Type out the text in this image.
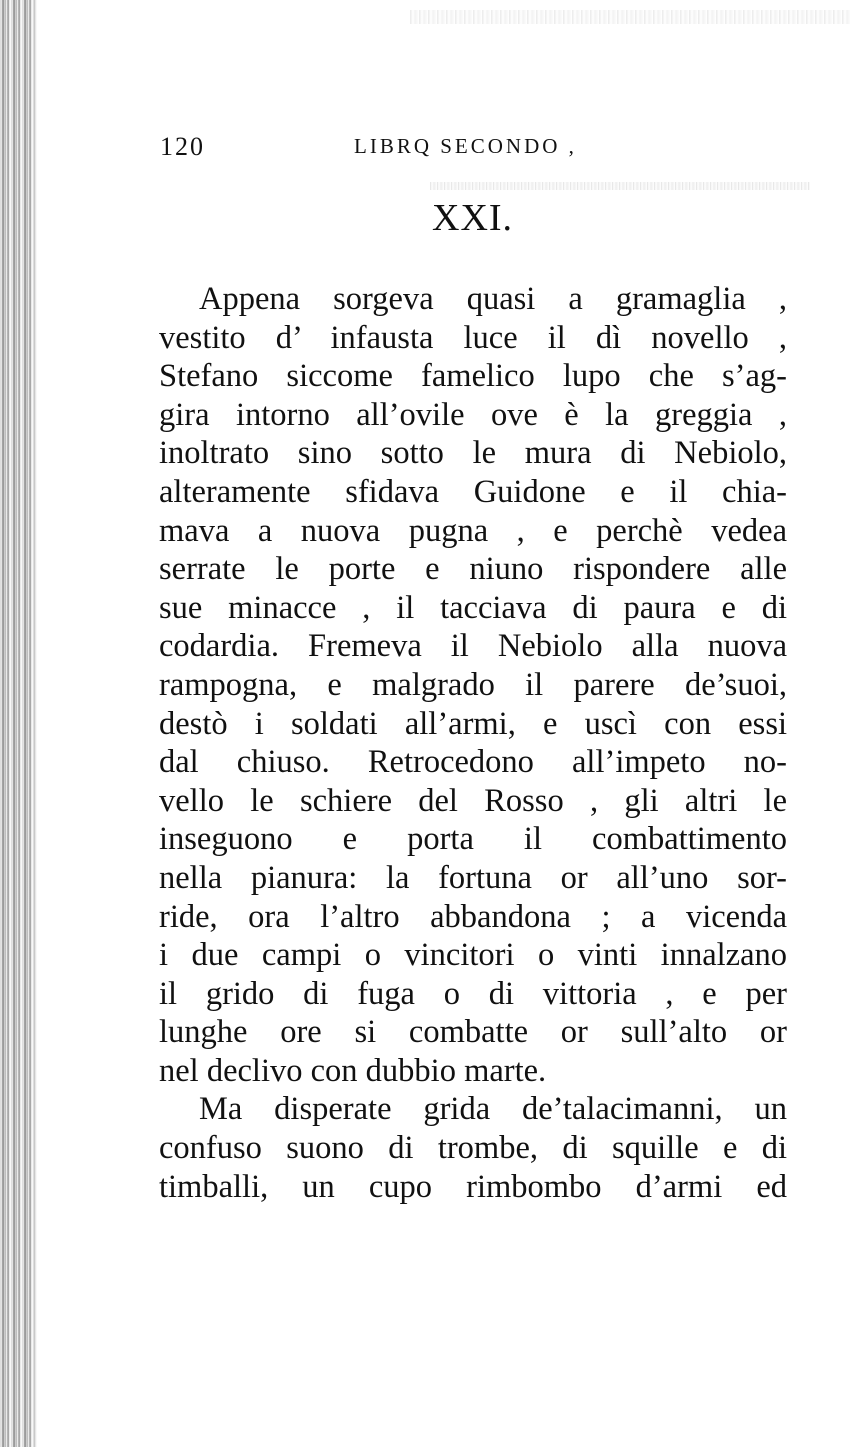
120	LIBRQ SECONDO ,
XXI.
Appena sorgeva quasi a gramaglia ,
vestito d’ infausta luce il dì novello ,
Stefano siccome famelico lupo che s’ag-
gira intorno all’ovile ove è la greggia ,
inoltrato sino sotto le mura di Nebiolo,
alteramente sfidava Guidone e il chia-
mava a nuova pugna , e perchè vedea
serrate le porte e niuno rispondere alle
sue minacce , il tacciava di paura e di
codardia. Fremeva il Nebiolo alla nuova
rampogna, e malgrado il parere de’suoi,
destò i soldati all’armi, e uscì con essi
dal chiuso. Retrocedono all’impeto no-
vello le schiere del Rosso , gli altri le
inseguono e porta il combattimento
nella pianura: la fortuna or all’uno sor-
ride, ora l’altro abbandona ; a vicenda
i due campi o vincitori o vinti innalzano
il grido di fuga o di vittoria , e per
lunghe ore si combatte or sull’alto or
nel declivo con dubbio marte.
Ma disperate grida de’talacimanni, un
confuso suono di trombe, di squille e di
timballi, un cupo rimbombo d’armi ed
